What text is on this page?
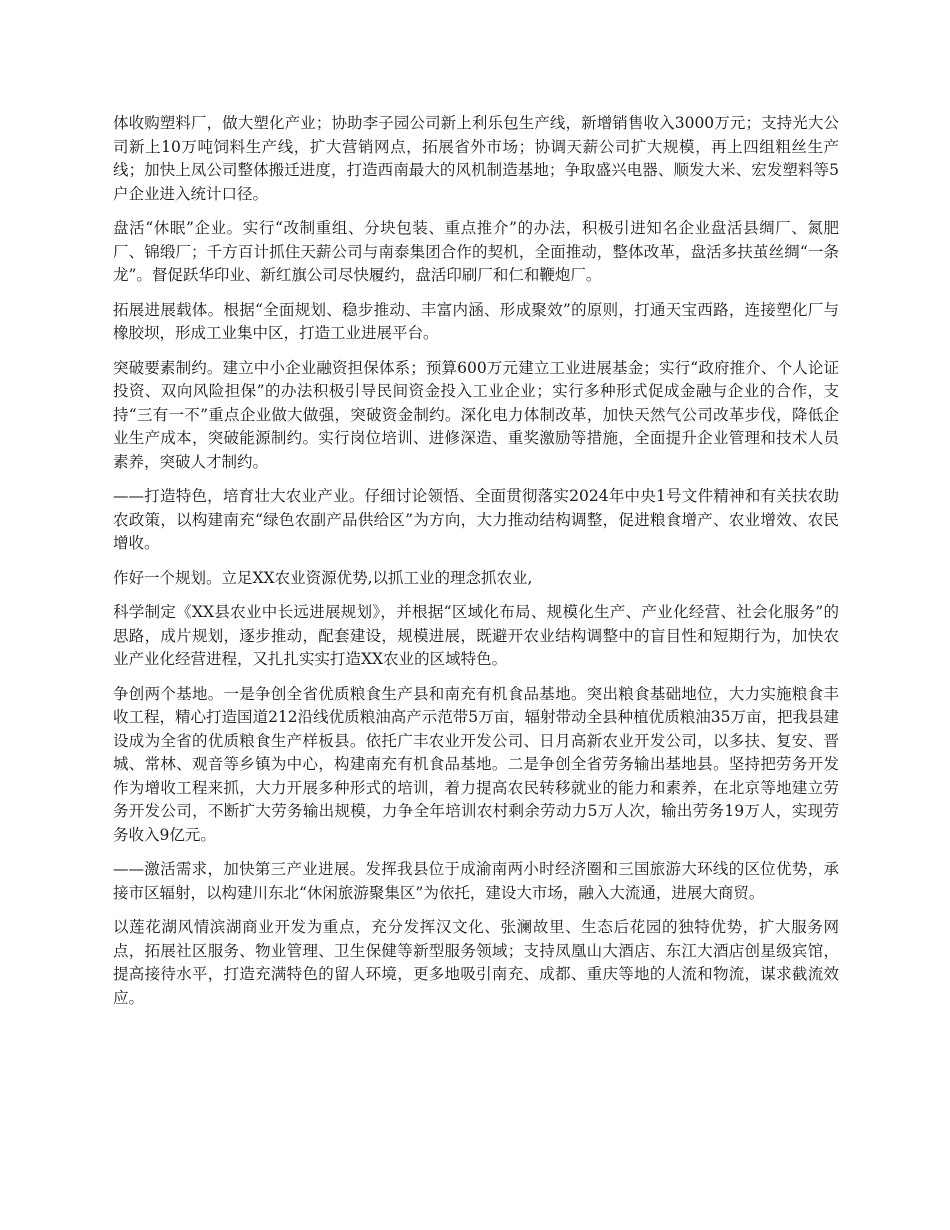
体收购塑料厂，做大塑化产业；协助李子园公司新上利乐包生产线，新增销售收入3000万元；支持光大公司新上10万吨饲料生产线，扩大营销网点，拓展省外市场；协调天薪公司扩大规模，再上四组粗丝生产线；加快上凤公司整体搬迁进度，打造西南最大的风机制造基地；争取盛兴电器、顺发大米、宏发塑料等5户企业进入统计口径。

盘活“休眠”企业。实行“改制重组、分块包装、重点推介”的办法，积极引进知名企业盘活县绸厂、氮肥厂、锦缎厂；千方百计抓住天薪公司与南泰集团合作的契机，全面推动，整体改革，盘活多扶茧丝绸“一条龙”。督促跃华印业、新红旗公司尽快履约，盘活印刷厂和仁和鞭炮厂。

拓展进展载体。根据“全面规划、稳步推动、丰富内涵、形成聚效”的原则，打通天宝西路，连接塑化厂与橡胶坝，形成工业集中区，打造工业进展平台。

突破要素制约。建立中小企业融资担保体系；预算600万元建立工业进展基金；实行“政府推介、个人论证投资、双向风险担保”的办法积极引导民间资金投入工业企业；实行多种形式促成金融与企业的合作，支持“三有一不”重点企业做大做强，突破资金制约。深化电力体制改革，加快天然气公司改革步伐，降低企业生产成本，突破能源制约。实行岗位培训、进修深造、重奖激励等措施，全面提升企业管理和技术人员素养，突破人才制约。

——打造特色，培育壮大农业产业。仔细讨论领悟、全面贯彻落实2024年中央1号文件精神和有关扶农助农政策，以构建南充“绿色农副产品供给区”为方向，大力推动结构调整，促进粮食增产、农业增效、农民增收。

作好一个规划。立足XX农业资源优势,以抓工业的理念抓农业,

科学制定《XX县农业中长远进展规划》，并根据“区域化布局、规模化生产、产业化经营、社会化服务”的思路，成片规划，逐步推动，配套建设，规模进展，既避开农业结构调整中的盲目性和短期行为，加快农业产业化经营进程，又扎扎实实打造XX农业的区域特色。

争创两个基地。一是争创全省优质粮食生产县和南充有机食品基地。突出粮食基础地位，大力实施粮食丰收工程，精心打造国道212沿线优质粮油高产示范带5万亩，辐射带动全县种植优质粮油35万亩，把我县建设成为全省的优质粮食生产样板县。依托广丰农业开发公司、日月高新农业开发公司，以多扶、复安、晋城、常林、观音等乡镇为中心，构建南充有机食品基地。二是争创全省劳务输出基地县。坚持把劳务开发作为增收工程来抓，大力开展多种形式的培训，着力提高农民转移就业的能力和素养，在北京等地建立劳务开发公司，不断扩大劳务输出规模，力争全年培训农村剩余劳动力5万人次，输出劳务19万人，实现劳务收入9亿元。

——激活需求，加快第三产业进展。发挥我县位于成渝南两小时经济圈和三国旅游大环线的区位优势，承接市区辐射，以构建川东北“休闲旅游聚集区”为依托，建设大市场，融入大流通，进展大商贸。

以莲花湖风情滨湖商业开发为重点，充分发挥汉文化、张澜故里、生态后花园的独特优势，扩大服务网点，拓展社区服务、物业管理、卫生保健等新型服务领域；支持凤凰山大酒店、东江大酒店创星级宾馆，提高接待水平，打造充满特色的留人环境，更多地吸引南充、成都、重庆等地的人流和物流，谋求截流效应。
